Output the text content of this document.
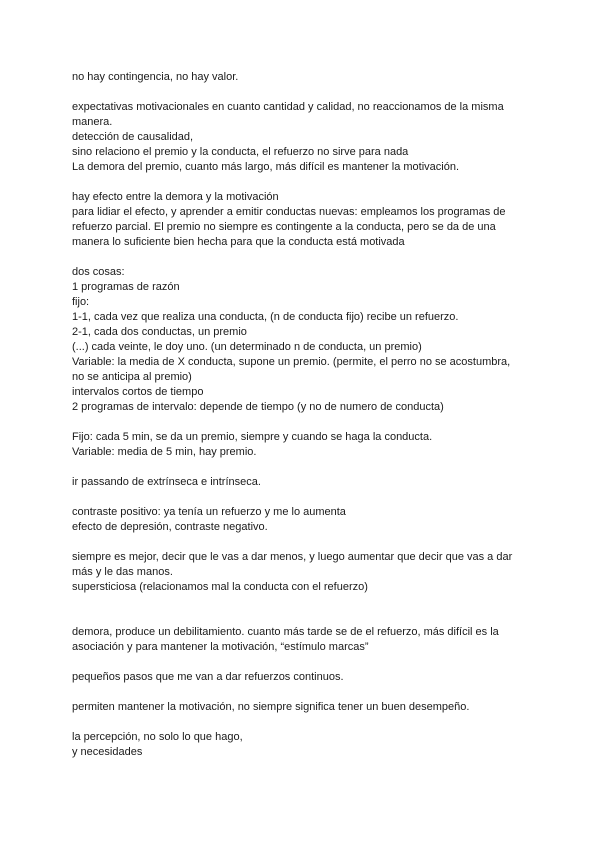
no hay contingencia, no hay valor.
expectativas motivacionales en cuanto cantidad y calidad, no reaccionamos de la misma
manera.
detección de causalidad,
sino relaciono el premio y la conducta, el refuerzo no sirve para nada
La demora del premio, cuanto más largo, más difícil es mantener la motivación.
hay efecto entre la demora y la motivación
para lidiar el efecto, y aprender a emitir conductas nuevas: empleamos los programas de
refuerzo parcial. El premio no siempre es contingente a la conducta, pero se da de una
manera lo suficiente bien hecha para que la conducta está motivada
dos cosas:
1 programas de razón
fijo:
1-1, cada vez que realiza una conducta, (n de conducta fijo) recibe un refuerzo.
2-1, cada dos conductas, un premio
(...) cada veinte, le doy uno. (un determinado n de conducta, un premio)
Variable: la media de X conducta, supone un premio. (permite, el perro no se acostumbra,
no se anticipa al premio)
intervalos cortos de tiempo
2 programas de intervalo: depende de tiempo (y no de numero de conducta)
Fijo: cada 5 min, se da un premio, siempre y cuando se haga la conducta.
Variable: media de 5 min, hay premio.
ir passando de extrínseca e intrínseca.
contraste positivo: ya tenía un refuerzo y me lo aumenta
efecto de depresión, contraste negativo.
siempre es mejor, decir que le vas a dar menos, y luego aumentar que decir que vas a dar
más y le das manos.
supersticiosa (relacionamos mal la conducta con el refuerzo)
demora, produce un debilitamiento. cuanto más tarde se de el refuerzo, más difícil es la
asociación y para mantener la motivación, “estímulo marcas”
pequeños pasos que me van a dar refuerzos continuos.
permiten mantener la motivación, no siempre significa tener un buen desempeño.
la percepción, no solo lo que hago,
y necesidades
